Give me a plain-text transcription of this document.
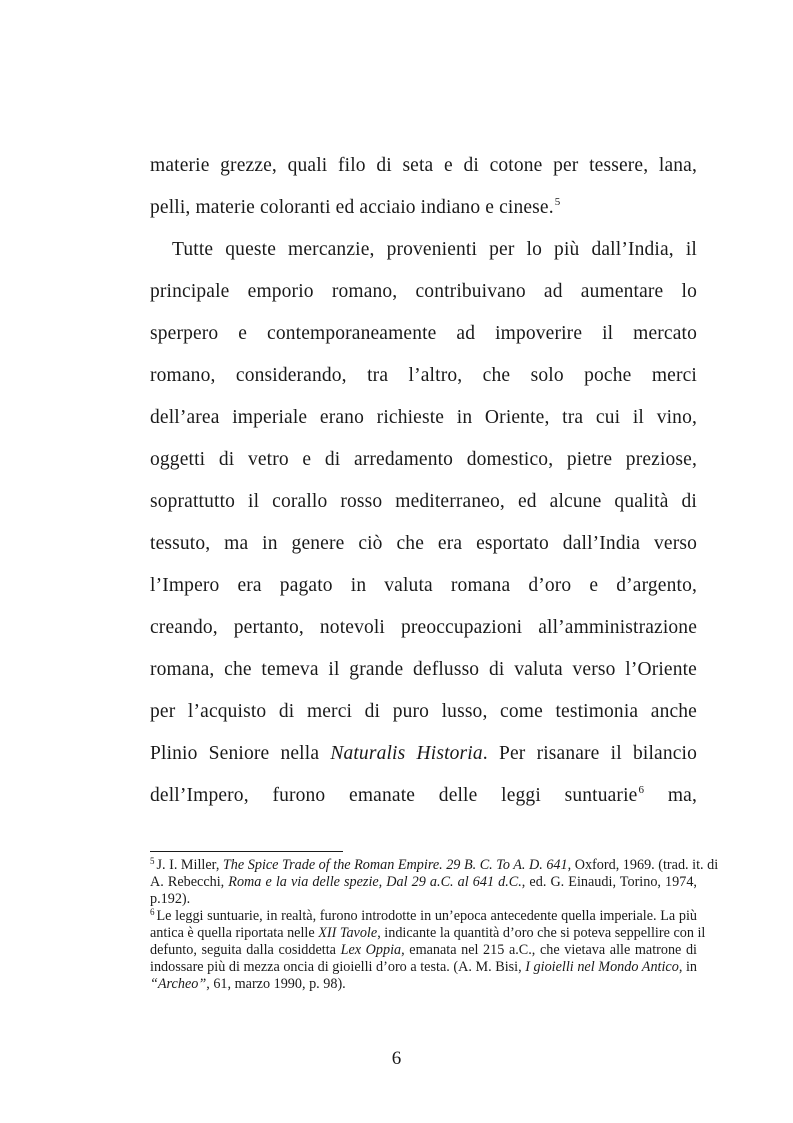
materie grezze, quali filo di seta e di cotone per tessere, lana,
pelli, materie coloranti ed acciaio indiano e cinese.$^5$
Tutte queste mercanzie, provenienti per lo più dall’India, il
principale emporio romano, contribuivano ad aumentare lo
sperpero e contemporaneamente ad impoverire il mercato
romano, considerando, tra l’altro, che solo poche merci
dell’area imperiale erano richieste in Oriente, tra cui il vino,
oggetti di vetro e di arredamento domestico, pietre preziose,
soprattutto il corallo rosso mediterraneo, ed alcune qualità di
tessuto, ma in genere ciò che era esportato dall’India verso
l’Impero era pagato in valuta romana d’oro e d’argento,
creando, pertanto, notevoli preoccupazioni all’amministrazione
romana, che temeva il grande deflusso di valuta verso l’Oriente
per l’acquisto di merci di puro lusso, come testimonia anche
Plinio Seniore nella Naturalis Historia. Per risanare il bilancio
dell’Impero, furono emanate delle leggi suntuarie$^6$ ma,
$^5$ J. I. Miller, The Spice Trade of the Roman Empire. 29 B. C. To A. D. 641, Oxford, 1969. (trad. it. di
A. Rebecchi, Roma e la via delle spezie, Dal 29 a.C. al 641 d.C., ed. G. Einaudi, Torino, 1974,
p.192).
$^6$ Le leggi suntuarie, in realtà, furono introdotte in un’epoca antecedente quella imperiale. La più
antica è quella riportata nelle XII Tavole, indicante la quantità d’oro che si poteva seppellire con il
defunto, seguita dalla cosiddetta Lex Oppia, emanata nel 215 a.C., che vietava alle matrone di
indossare più di mezza oncia di gioielli d’oro a testa. (A. M. Bisi, I gioielli nel Mondo Antico, in
“Archeo”, 61, marzo 1990, p. 98).
6
